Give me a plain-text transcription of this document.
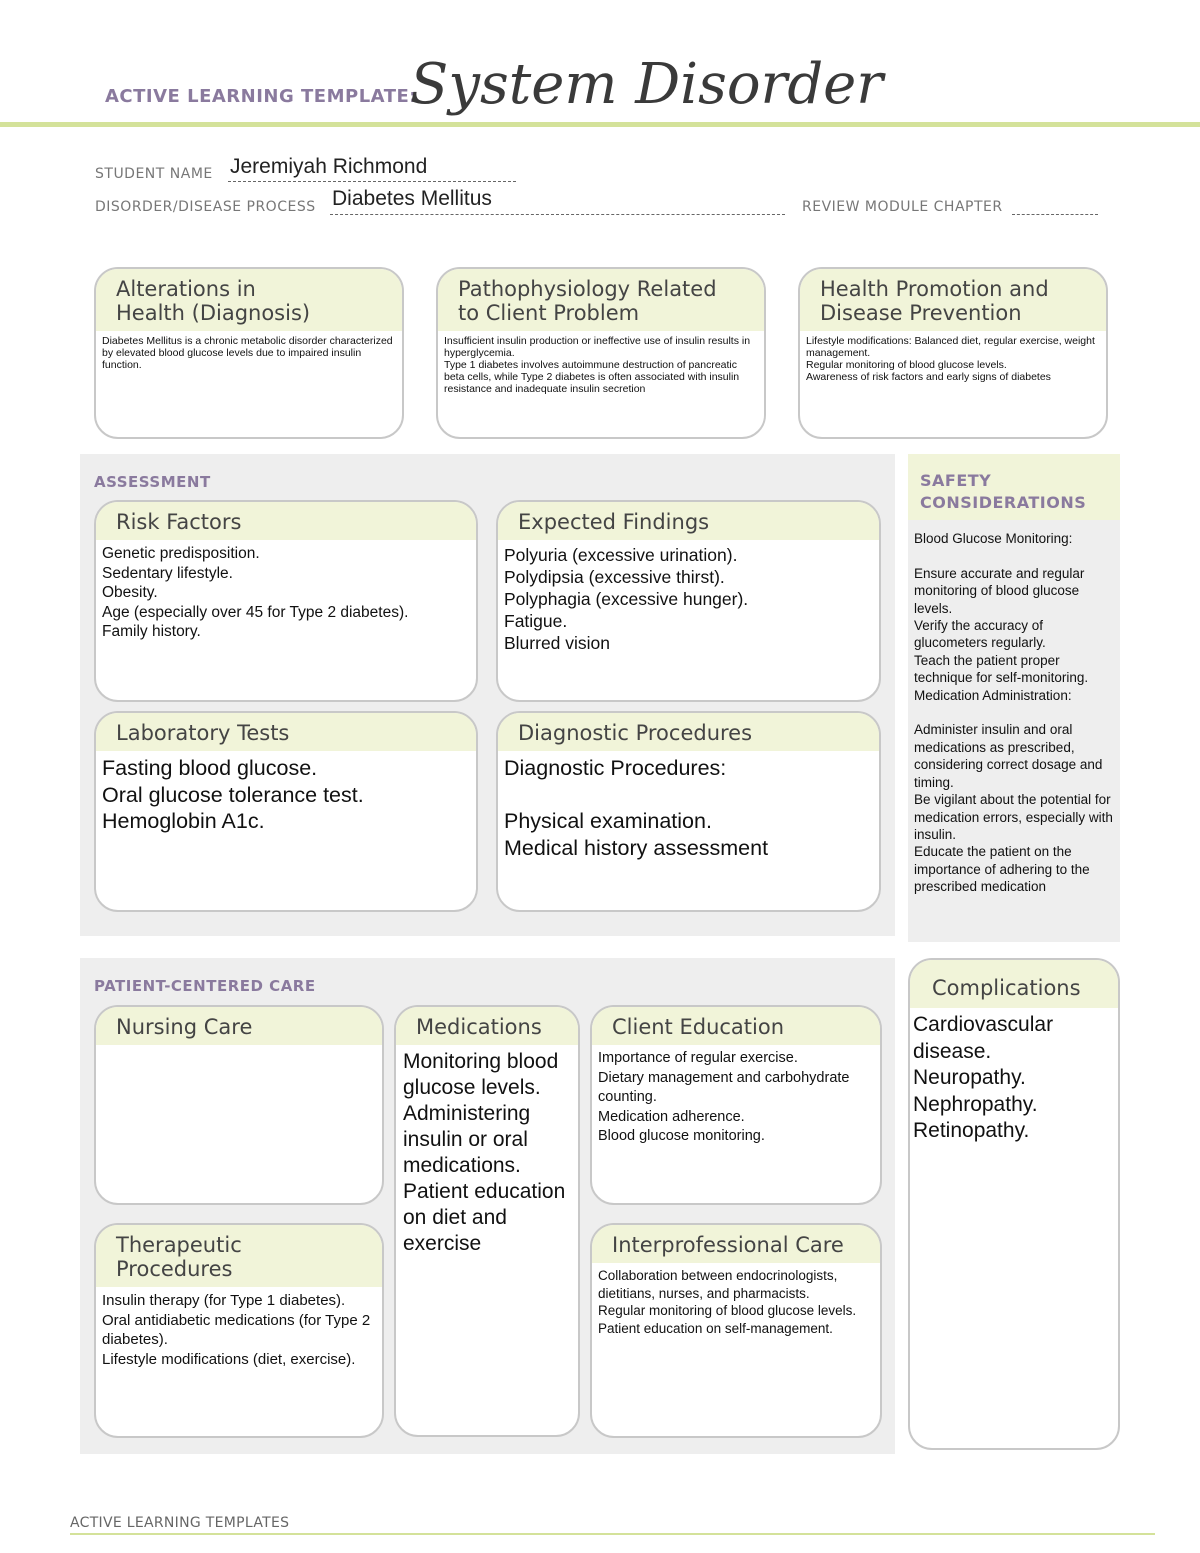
ACTIVE LEARNING TEMPLATE:
System Disorder
STUDENT NAME Jeremiyah Richmond
DISORDER/DISEASE PROCESS Diabetes Mellitus	REVIEW MODULE CHAPTER
Alterations in
Health (Diagnosis)
Diabetes Mellitus is a chronic metabolic disorder characterized by elevated blood glucose levels due to impaired insulin function.
Pathophysiology Related
to Client Problem
Insufficient insulin production or ineffective use of insulin results in hyperglycemia.
Type 1 diabetes involves autoimmune destruction of pancreatic beta cells, while Type 2 diabetes is often associated with insulin resistance and inadequate insulin secretion
Health Promotion and
Disease Prevention
Lifestyle modifications: Balanced diet, regular exercise, weight management.
Regular monitoring of blood glucose levels.
Awareness of risk factors and early signs of diabetes
ASSESSMENT
Risk Factors
Genetic predisposition.
Sedentary lifestyle.
Obesity.
Age (especially over 45 for Type 2 diabetes).
Family history.
Expected Findings
Polyuria (excessive urination).
Polydipsia (excessive thirst).
Polyphagia (excessive hunger).
Fatigue.
Blurred vision
Laboratory Tests
Fasting blood glucose.
Oral glucose tolerance test.
Hemoglobin A1c.
Diagnostic Procedures
Diagnostic Procedures:

Physical examination.
Medical history assessment
SAFETY
CONSIDERATIONS
Blood Glucose Monitoring:

Ensure accurate and regular monitoring of blood glucose levels.
Verify the accuracy of glucometers regularly.
Teach the patient proper technique for self-monitoring.
Medication Administration:

Administer insulin and oral medications as prescribed, considering correct dosage and timing.
Be vigilant about the potential for medication errors, especially with insulin.
Educate the patient on the importance of adhering to the prescribed medication
PATIENT-CENTERED CARE
Nursing Care	Medications
Monitoring blood glucose levels.
Administering insulin or oral medications.
Patient education on diet and exercise
Client Education
Importance of regular exercise.
Dietary management and carbohydrate counting.
Medication adherence.
Blood glucose monitoring.
Therapeutic Procedures
Insulin therapy (for Type 1 diabetes).
Oral antidiabetic medications (for Type 2 diabetes).
Lifestyle modifications (diet, exercise).
Interprofessional Care
Collaboration between endocrinologists, dietitians, nurses, and pharmacists.
Regular monitoring of blood glucose levels.
Patient education on self-management.
Complications
Cardiovascular disease.
Neuropathy.
Nephropathy.
Retinopathy.
ACTIVE LEARNING TEMPLATES
